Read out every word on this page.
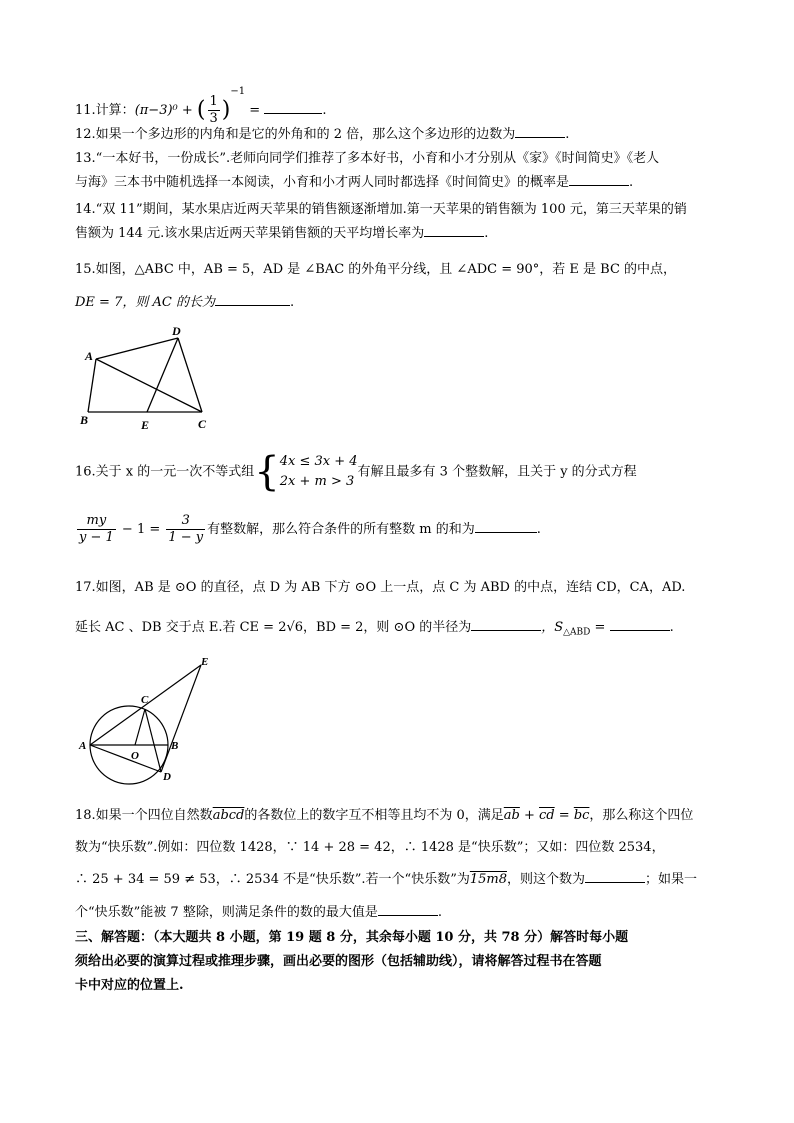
11.计算：(π−3)⁰ + ( $\frac{1}{3} )^{-1}$ =	.
12.如果一个多边形的内角和是它的外角和的 2 倍，那么这个多边形的边数为	.
13.“一本好书，一份成长”.老师向同学们推荐了多本好书，小育和小才分别从《家》《时间简史》《老人
与海》三本书中随机选择一本阅读，小育和小才两人同时都选择《时间简史》的概率是	.
14.“双 11”期间，某水果店近两天苹果的销售额逐渐增加.第一天苹果的销售额为 100 元，第三天苹果的销
售额为 144 元.该水果店近两天苹果销售额的天平均增长率为	.
15.如图，△ABC 中，AB = 5，AD 是 ∠BAC 的外角平分线，且 ∠ADC = 90°，若 E 是 BC 的中点，
DE = 7，则 AC 的长为	.
A
B	C
D
E
16.关于 x 的一元一次不等式组{ 4x ≤ 3x + 4
2x + m > 3
有解且最多有 3 个整数解，且关于 y 的分式方程
$\frac{my}{y - 1} - 1 = \frac{3}{1 - y}$ 有整数解，那么符合条件的所有整数 m 的和为	.
17.如图，AB 是 ⊙O 的直径，点 D 为 AB 下方 ⊙O 上一点，点 C 为 ABD 的中点，连结 CD，CA，AD.
延长 AC 、DB 交于点 E.若 CE = 2√6，BD = 2，则 ⊙O 的半径为	，$S_{\triangle ABD}$ =	.
E
C
A
O
B
D
18.如果一个四位自然数abcd的各数位上的数字互不相等且均不为 0，满足$\overline{ab} + \overline{cd} = \overline{bc}$，那么称这个四位
数为“快乐数”.例如：四位数 1428，∵ 14 + 28 = 42，∴ 1428 是“快乐数”；又如：四位数 2534，
∴ 25 + 34 = 59 ≠ 53，∴ 2534 不是“快乐数”.若一个“快乐数”为15m8，则这个数为	；如果一
个“快乐数”能被 7 整除，则满足条件的数的最大值是	.
三、解答题：（本大题共 8 小题，第 19 题 8 分，其余每小题 10 分，共 78 分）解答时每小题
须给出必要的演算过程或推理步骤，画出必要的图形（包括辅助线），请将解答过程书在答题
卡中对应的位置上.
